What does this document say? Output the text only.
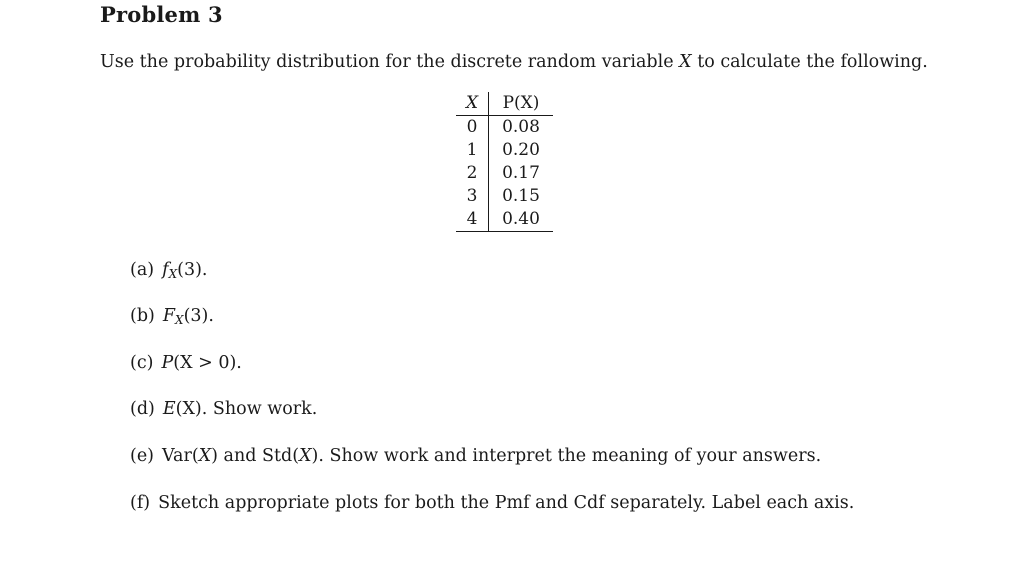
Problem 3
Use the probability distribution for the discrete random variable X to calculate the following.
X	P(X)
0	0.08
1	0.20
2	0.17
3	0.15
4	0.40
(a) $f_X(3)$.
(b) $F_X(3)$.
(c) P(X > 0).
(d) E(X). Show work.
(e) Var(X) and Std(X). Show work and interpret the meaning of your answers.
(f) Sketch appropriate plots for both the Pmf and Cdf separately. Label each axis.
